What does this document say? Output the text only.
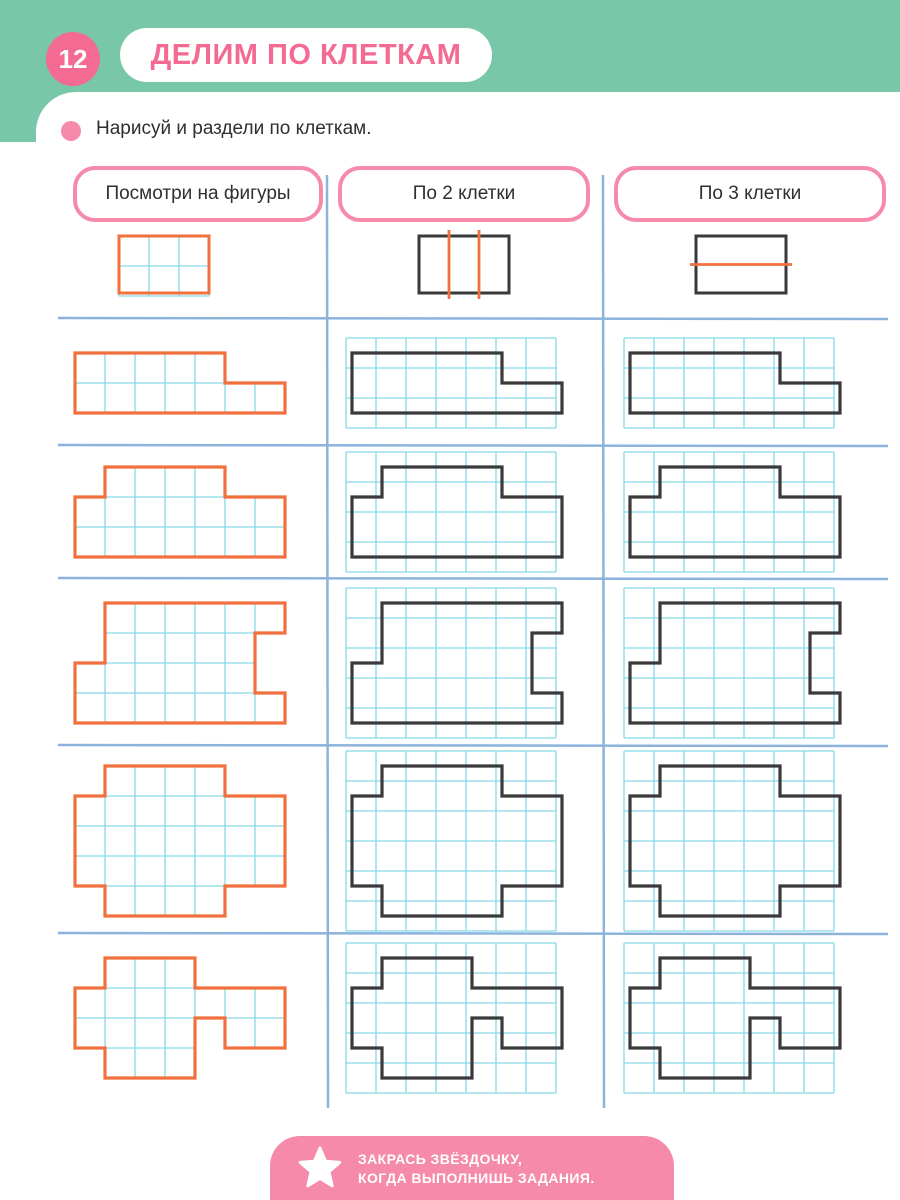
12	ДЕЛИМ ПО КЛЕТКАМ
Нарисуй и раздели по клеткам.
Посмотри на фигуры	По 2 клетки	По 3 клетки
ЗАКРАСЬ ЗВЁЗДОЧКУ,
КОГДА ВЫПОЛНИШЬ ЗАДАНИЯ.
